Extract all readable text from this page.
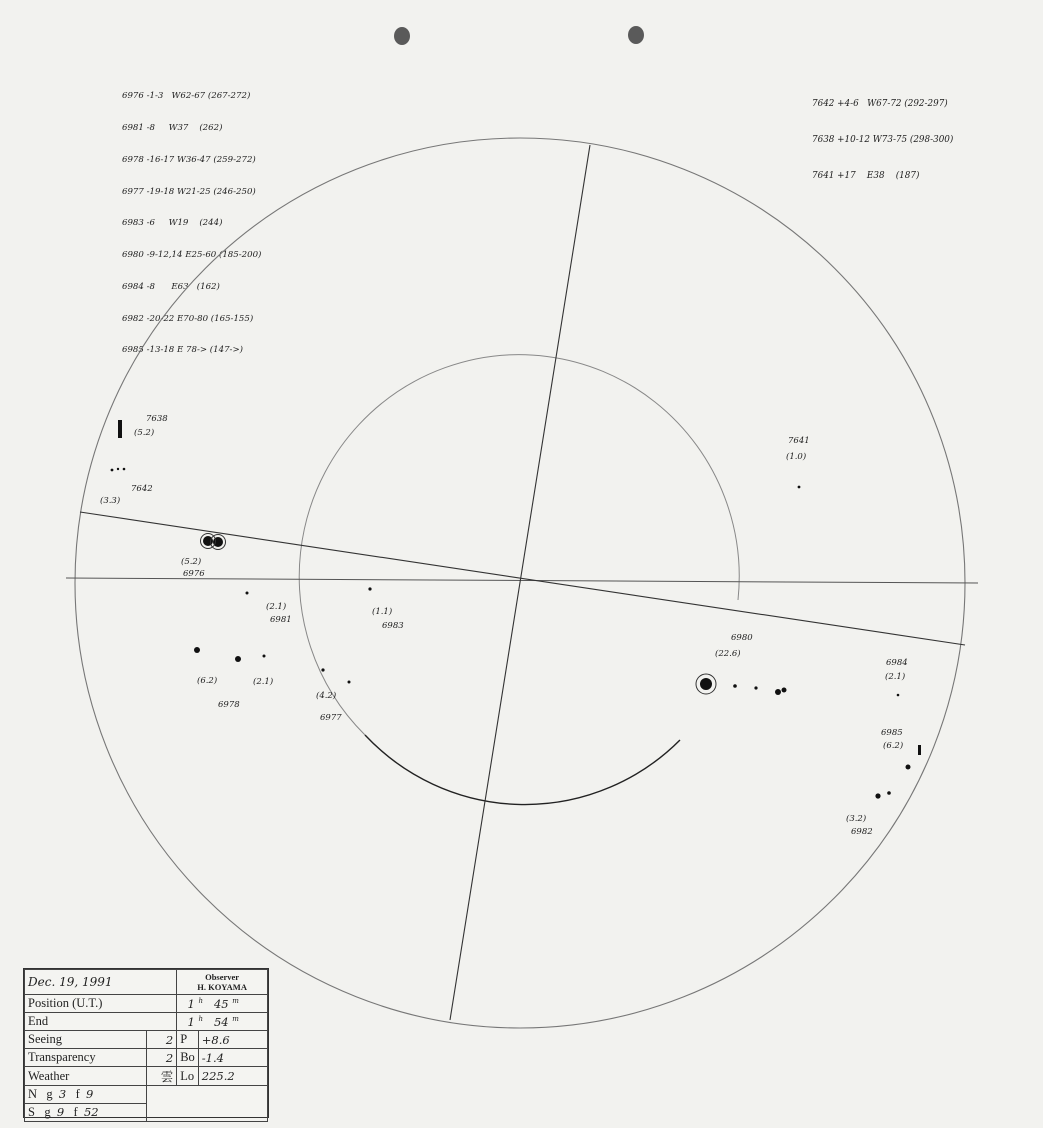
6976 -1-3   W62-67 (267-272)

6981 -8     W37    (262)

6978 -16-17 W36-47 (259-272)

6977 -19-18 W21-25 (246-250)

6983 -6     W19    (244)

6980 -9-12,14 E25-60 (185-200)

6984 -8      E63   (162)

6982 -20-22 E70-80 (165-155)

6985 -13-18 E 78-> (147->)

7642 +4-6   W67-72 (292-297)

7638 +10-12 W73-75 (298-300)

7641 +17    E38    (187)

7638
(5.2)
7642
(3.3)
(5.2)
6976
(2.1)
6981
(1.1)
6983
(6.2)
6978
(2.1)
(4.2)
6977
7641
(1.0)
6980
(22.6)
6984
(2.1)
6985
(6.2)
(3.2)
6982
Dec. 19, 1991		Observer
H. KOYAMA	

Position (U.T.)		1 $^h$ 45 $^m$
End		1 $^h$ 54 $^m$
Seeing	2	P	+8.6
Transparency	2	Bo	-1.4
Weather	雲	Lo	225.2
N g 3 f 9			
S g 9 f 52			
